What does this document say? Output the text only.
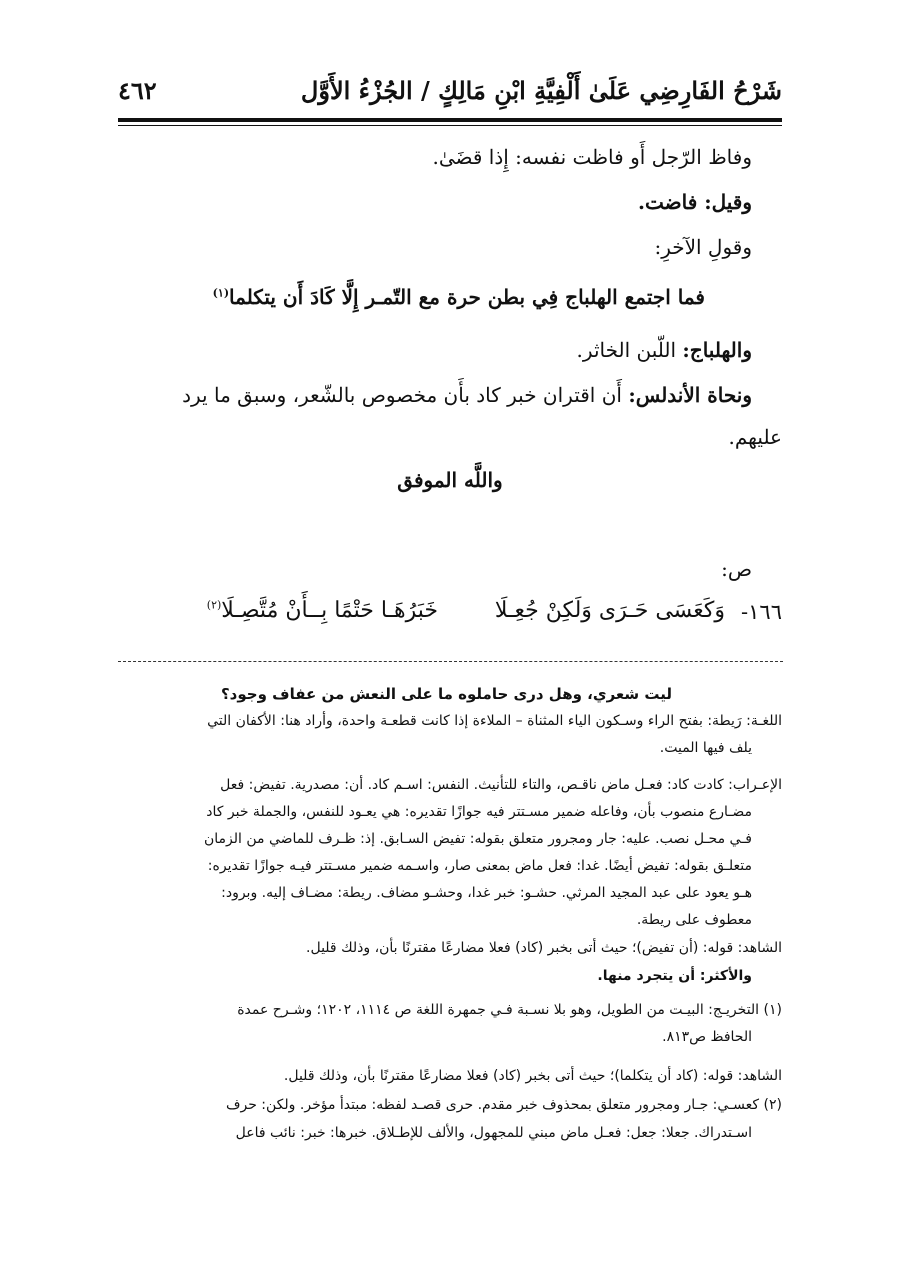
شَرْحُ الفَارِضِي عَلَىٰ أَلْفِيَّةِ ابْنِ مَالِكٍ / الجُزْءُ الأَوَّل
٤٦٢
وفاظ الرّجل أَو فاظت نفسه: إِذا قضَىٰ.
وقيل: فاضت.
وقولِ الآخرِ:
فما اجتمع الهلباج فِي بطن حرة
مع التّمـر إِلَّا كَادَ أَن يتكلما$^{(١)}$
والهلباج: اللّبن الخاثر.
ونحاة الأندلس: أَن اقتران خبر كاد بأَن مخصوص بالشّعر، وسبق ما يرد
عليهم.
واللَّه الموفق
ص:
١٦٦-
وَكَعَسَى حَـرَى وَلَكِنْ جُعِـلَا
خَبَرُهَـا حَتْمًا بِــأَنْ مُتَّصِـلَا$^{(٢)}$
ليت شعري، وهل درى حاملوه ما على النعش من عفاف وجود؟
اللغـة: رَيطة: بفتح الراء وسـكون الياء المثناة – الملاءة إذا كانت قطعـة واحدة، وأراد هنا: الأكفان التي
يلف فيها الميت.
الإعـراب: كادت كاد: فعـل ماض ناقـص، والتاء للتأنيث. النفس: اسـم كاد. أن: مصدرية. تفيض: فعل
مضـارع منصوب بأن، وفاعله ضمير مسـتتر فيه جوازًا تقديره: هي يعـود للنفس، والجملة خبر كاد
فـي محـل نصب. عليه: جار ومجرور متعلق بقوله: تفيض السـابق. إذ: ظـرف للماضي من الزمان
متعلـق بقوله: تفيض أيضًا. غدا: فعل ماض بمعنى صار، واسـمه ضمير مسـتتر فيـه جوازًا تقديره:
هـو يعود على عبد المجيد المرثي. حشـو: خبر غدا، وحشـو مضاف. ريطة: مضـاف إليه. وبرود:
معطوف على ريطة.
الشاهد: قوله: (أن تفيض)؛ حيث أتى بخبر (كاد) فعلا مضارعًا مقترنًا بأن، وذلك قليل.
والأكثر: أن يتجرد منها.
(١) التخريـج: البيـت من الطويل، وهو بلا نسـبة فـي جمهرة اللغة ص ١١١٤، ١٢٠٢؛ وشـرح عمدة
الحافظ ص٨١٣.
الشاهد: قوله: (كاد أن يتكلما)؛ حيث أتى بخبر (كاد) فعلا مضارعًا مقترنًا بأن، وذلك قليل.
(٢) كعسـي: جـار ومجرور متعلق بمحذوف خبر مقدم. حرى قصـد لفظه: مبتدأ مؤخر. ولكن: حرف
اسـتدراك. جعلا: جعل: فعـل ماض مبني للمجهول، والألف للإطـلاق. خبرها: خبر: نائب فاعل
